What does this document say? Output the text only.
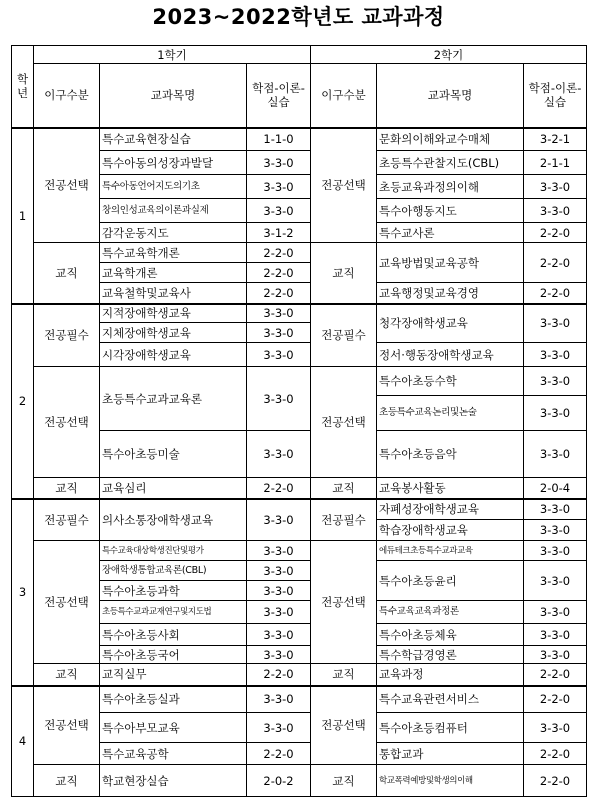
2023~2022학년도 교과과정
학년	1학기			2학기		
	이구수분	교과목명	학점-이론-실습	이구수분	교과목명	학점-이론-실습
1	전공선택	특수교육현장실습	1-1-0	전공선택	문화의이해와교수매체	3-2-1
		특수아동의성장과발달	3-3-0		초등특수관찰지도(CBL)	2-1-1
		특수아동언어지도의기초	3-3-0		초등교육과정의이해	3-3-0
		창의인성교육의이론과실제	3-3-0		특수아행동지도	3-3-0
		감각운동지도	3-1-2		특수교사론	2-2-0
	교직	특수교육학개론	2-2-0	교직	교육방법및교육공학	2-2-0
		교육학개론	2-2-0			
		교육철학및교육사	2-2-0		교육행정및교육경영	2-2-0
2	전공필수	지적장애학생교육	3-3-0	전공필수	청각장애학생교육	3-3-0
		지체장애학생교육	3-3-0			
		시각장애학생교육	3-3-0		정서·행동장애학생교육	3-3-0
	전공선택	초등특수교과교육론	3-3-0	전공선택	특수아초등수학	3-3-0
					초등특수교육논리및논술	3-3-0
		특수아초등미술	3-3-0		특수아초등음악	3-3-0
	교직	교육심리	2-2-0	교직	교육봉사활동	2-0-4
3	전공필수	의사소통장애학생교육	3-3-0	전공필수	자폐성장애학생교육	3-3-0
					학습장애학생교육	3-3-0
	전공선택	특수교육대상학생진단및평가	3-3-0	전공선택	에듀테크초등특수교과교육	3-3-0
		장애학생통합교육론(CBL)	3-3-0		특수아초등윤리	3-3-0
		특수아초등과학	3-3-0			
		초등특수교과교재연구및지도법	3-3-0		특수교육교육과정론	3-3-0
		특수아초등사회	3-3-0		특수아초등체육	3-3-0
		특수아초등국어	3-3-0		특수학급경영론	3-3-0
	교직	교직실무	2-2-0	교직	교육과정	2-2-0
4	전공선택	특수아초등실과	3-3-0	전공선택	특수교육관련서비스	2-2-0
		특수아부모교육	3-3-0		특수아초등컴퓨터	3-3-0
		특수교육공학	2-2-0		통합교과	2-2-0
	교직	학교현장실습	2-0-2	교직	학교폭력예방및학생의이해	2-2-0
